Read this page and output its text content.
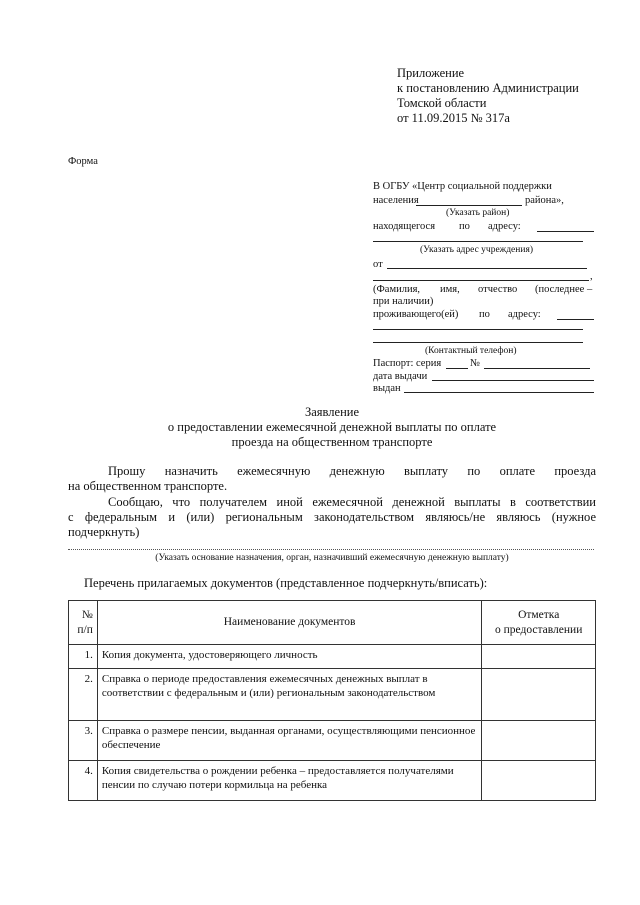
Приложение
к постановлению Администрации
Томской области
от 11.09.2015 № 317а
Форма
В ОГБУ «Центр социальной поддержки
населения	района»,
(Указать район)
находящегося по адресу:
(Указать адрес учреждения)
от
,
(Фамилия, имя, отчество (последнее –
при наличии)
проживающего(ей) по адресу:
(Контактный телефон)
Паспорт: серия	№
дата выдачи
выдан
Заявление
о предоставлении ежемесячной денежной выплаты по оплате
проезда на общественном транспорте
Прошу назначить ежемесячную денежную выплату по оплате проезда
на общественном транспорте.
Сообщаю, что получателем иной ежемесячной денежной выплаты в соответствии
с федеральным и (или) региональным законодательством являюсь/не являюсь (нужное
подчеркнуть)
(Указать основание назначения, орган, назначивший ежемесячную денежную выплату)
Перечень прилагаемых документов (представленное подчеркнуть/вписать):
№
п/п	Наименование документов	Отметка
о предоставлении
1.	Копия документа, удостоверяющего личность	
2.	Справка о периоде предоставления ежемесячных денежных выплат в соответствии с федеральным и (или) региональным законодательством	
3.	Справка о размере пенсии, выданная органами, осуществляющими пенсионное обеспечение	
4.	Копия свидетельства о рождении ребенка – предоставляется получателями пенсии по случаю потери кормильца на ребенка	
